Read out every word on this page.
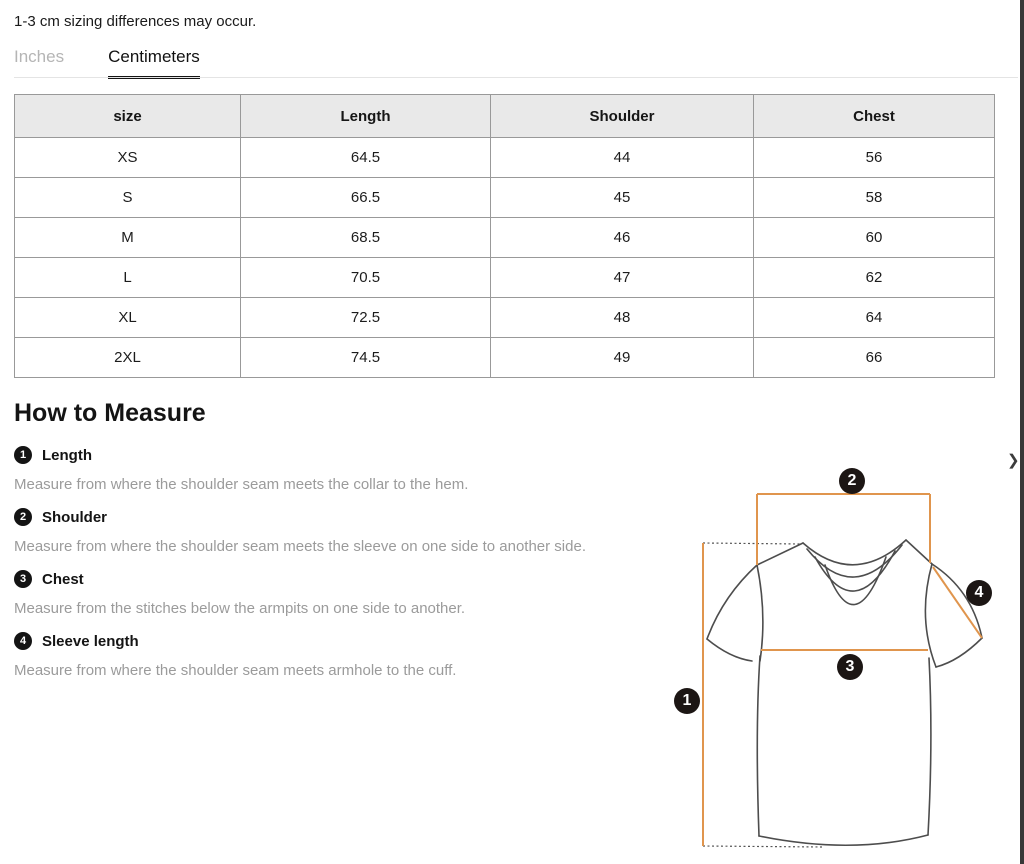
1-3 cm sizing differences may occur.
Inches	Centimeters
size	Length	Shoulder	Chest
XS	64.5	44	56
S	66.5	45	58
M	68.5	46	60
L	70.5	47	62
XL	72.5	48	64
2XL	74.5	49	66
How to Measure
1	Length

Measure from where the shoulder seam meets the collar to the hem.

2	Shoulder

Measure from where the shoulder seam meets the sleeve on one side to another side.

3	Chest

Measure from the stitches below the armpits on one side to another.

4	Sleeve length

Measure from where the shoulder seam meets armhole to the cuff.

1
2
3
4
❯
